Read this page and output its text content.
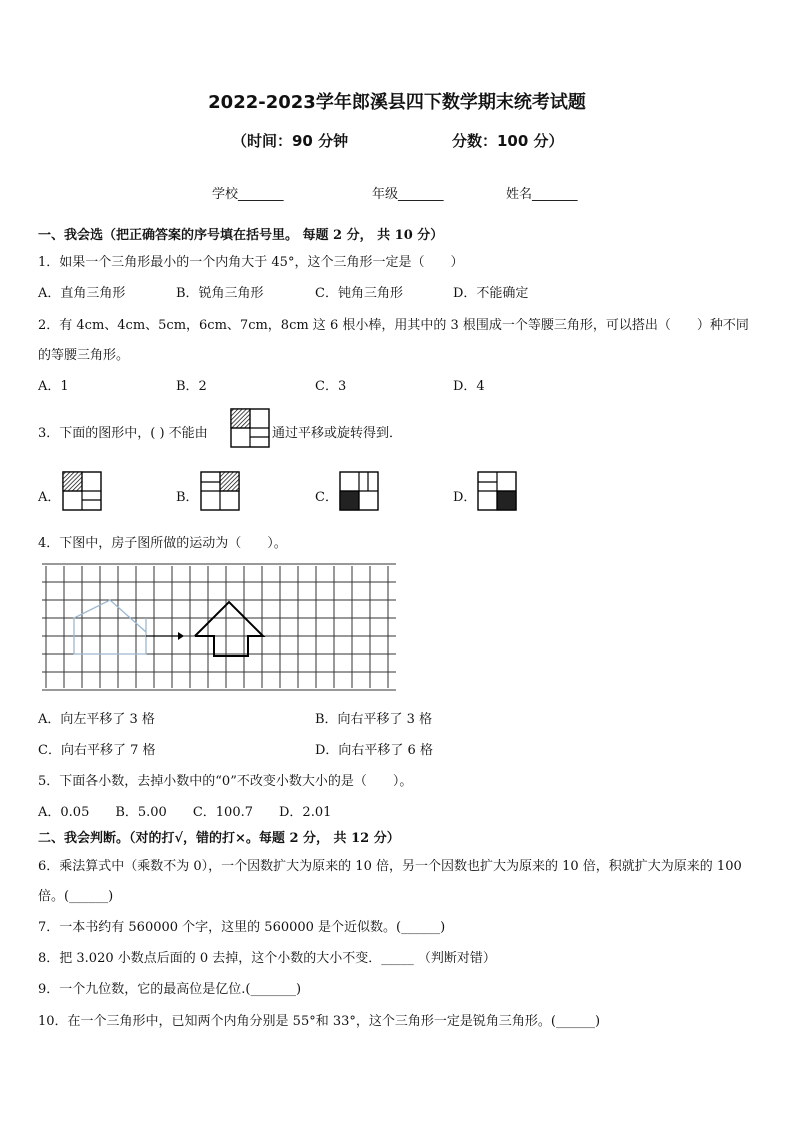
2022-2023学年郎溪县四下数学期末统考试题
（时间：90 分钟	分数：100 分）
学校_______	年级_______	姓名_______
一、我会选（把正确答案的序号填在括号里。 每题 2 分， 共 10 分）
1．如果一个三角形最小的一个内角大于 45°，这个三角形一定是（　　）
A．直角三角形	B．锐角三角形	C．钝角三角形	D．不能确定
2．有 4cm、4cm、5cm，6cm、7cm，8cm 这 6 根小棒，用其中的 3 根围成一个等腰三角形，可以搭出（　　）种不同
的等腰三角形。
A．1	B．2	C．3	D．4
3．下面的图形中，( ) 不能由	通过平移或旋转得到．
A．	B．	C．	D．
4．下图中，房子图所做的运动为（　　）。
A．向左平移了 3 格	B．向右平移了 3 格
C．向右平移了 7 格	D．向右平移了 6 格
5．下面各小数，去掉小数中的“0”不改变小数大小的是（　　）。
A．0.05　　B．5.00　　C．100.7　　D．2.01
二、我会判断。（对的打√，错的打×。每题 2 分， 共 12 分）
6．乘法算式中（乘数不为 0），一个因数扩大为原来的 10 倍，另一个因数也扩大为原来的 10 倍，积就扩大为原来的 100
倍。(______)
7．一本书约有 560000 个字，这里的 560000 是个近似数。(______)
8．把 3.020 小数点后面的 0 去掉，这个小数的大小不变．_____ （判断对错）
9．一个九位数，它的最高位是亿位.(_______)
10．在一个三角形中，已知两个内角分别是 55°和 33°，这个三角形一定是锐角三角形。(______)
